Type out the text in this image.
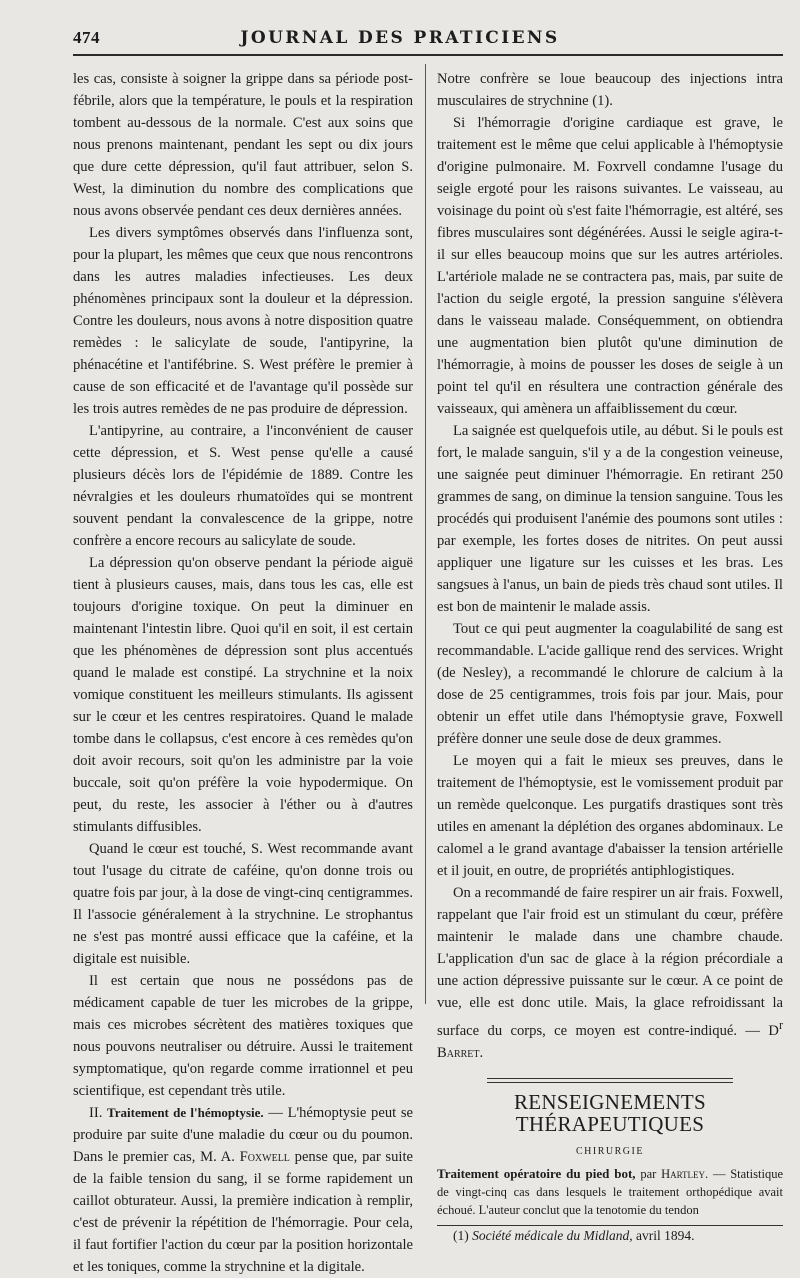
474	JOURNAL DES PRATICIENS

les cas, consiste à soigner la grippe dans sa période post-fébrile, alors que la température, le pouls et la respiration tombent au-dessous de la normale. C'est aux soins que nous prenons maintenant, pendant les sept ou dix jours que dure cette dépression, qu'il faut attribuer, selon S. West, la diminution du nombre des complications que nous avons observée pendant ces deux dernières années.

Les divers symptômes observés dans l'influenza sont, pour la plupart, les mêmes que ceux que nous rencontrons dans les autres maladies infectieuses. Les deux phénomènes principaux sont la douleur et la dépression. Contre les douleurs, nous avons à notre disposition quatre remèdes : le salicylate de soude, l'antipyrine, la phénacétine et l'antifébrine. S. West préfère le premier à cause de son efficacité et de l'avantage qu'il possède sur les trois autres remèdes de ne pas produire de dépression.

L'antipyrine, au contraire, a l'inconvénient de causer cette dépression, et S. West pense qu'elle a causé plusieurs décès lors de l'épidémie de 1889. Contre les névralgies et les douleurs rhumatoïdes qui se montrent souvent pendant la convalescence de la grippe, notre confrère a encore recours au salicylate de soude.

La dépression qu'on observe pendant la période aiguë tient à plusieurs causes, mais, dans tous les cas, elle est toujours d'origine toxique. On peut la diminuer en maintenant l'intestin libre. Quoi qu'il en soit, il est certain que les phénomènes de dépression sont plus accentués quand le malade est constipé. La strychnine et la noix vomique constituent les meilleurs stimulants. Ils agissent sur le cœur et les centres respiratoires. Quand le malade tombe dans le collapsus, c'est encore à ces remèdes qu'on doit avoir recours, soit qu'on les administre par la voie buccale, soit qu'on préfère la voie hypodermique. On peut, du reste, les associer à l'éther ou à d'autres stimulants diffusibles.

Quand le cœur est touché, S. West recommande avant tout l'usage du citrate de caféine, qu'on donne trois ou quatre fois par jour, à la dose de vingt-cinq centigrammes. Il l'associe généralement à la strychnine. Le strophantus ne s'est pas montré aussi efficace que la caféine, et la digitale est nuisible.

Il est certain que nous ne possédons pas de médicament capable de tuer les microbes de la grippe, mais ces microbes sécrètent des matières toxiques que nous pouvons neutraliser ou détruire. Aussi le traitement symptomatique, qu'on regarde comme irrationnel et peu scientifique, est cependant très utile.

II. Traitement de l'hémoptysie. — L'hémoptysie peut se produire par suite d'une maladie du cœur ou du poumon. Dans le premier cas, M. A. Foxwell pense que, par suite de la faible tension du sang, il se forme rapidement un caillot obturateur. Aussi, la première indication à remplir, c'est de prévenir la répétition de l'hémorragie. Pour cela, il faut fortifier l'action du cœur par la position horizontale et les toniques, comme la strychnine et la digitale.

Notre confrère se loue beaucoup des injections intra musculaires de strychnine (1).

Si l'hémorragie d'origine cardiaque est grave, le traitement est le même que celui applicable à l'hémoptysie d'origine pulmonaire. M. Foxrvell condamne l'usage du seigle ergoté pour les raisons suivantes. Le vaisseau, au voisinage du point où s'est faite l'hémorragie, est altéré, ses fibres musculaires sont dégénérées. Aussi le seigle agira-t-il sur elles beaucoup moins que sur les autres artérioles. L'artériole malade ne se contractera pas, mais, par suite de l'action du seigle ergoté, la pression sanguine s'élèvera dans le vaisseau malade. Conséquemment, on obtiendra une augmentation bien plutôt qu'une diminution de l'hémorragie, à moins de pousser les doses de seigle à un point tel qu'il en résultera une contraction générale des vaisseaux, qui amènera un affaiblissement du cœur.

La saignée est quelquefois utile, au début. Si le pouls est fort, le malade sanguin, s'il y a de la congestion veineuse, une saignée peut diminuer l'hémorragie. En retirant 250 grammes de sang, on diminue la tension sanguine. Tous les procédés qui produisent l'anémie des poumons sont utiles : par exemple, les fortes doses de nitrites. On peut aussi appliquer une ligature sur les cuisses et les bras. Les sangsues à l'anus, un bain de pieds très chaud sont utiles. Il est bon de maintenir le malade assis.

Tout ce qui peut augmenter la coagulabilité de sang est recommandable. L'acide gallique rend des services. Wright (de Nesley), a recommandé le chlorure de calcium à la dose de 25 centigrammes, trois fois par jour. Mais, pour obtenir un effet utile dans l'hémoptysie grave, Foxwell préfère donner une seule dose de deux grammes.

Le moyen qui a fait le mieux ses preuves, dans le traitement de l'hémoptysie, est le vomissement produit par un remède quelconque. Les purgatifs drastiques sont très utiles en amenant la déplétion des organes abdominaux. Le calomel a le grand avantage d'abaisser la tension artérielle et il jouit, en outre, de propriétés antiphlogistiques.

On a recommandé de faire respirer un air frais. Foxwell, rappelant que l'air froid est un stimulant du cœur, préfère maintenir le malade dans une chambre chaude. L'application d'un sac de glace à la région précordiale a une action dépressive puissante sur le cœur. A ce point de vue, elle est donc utile. Mais, la glace refroidissant la surface du corps, ce moyen est contre-indiqué. — $D^r$ Barret.

RENSEIGNEMENTS THÉRAPEUTIQUES
CHIRURGIE

Traitement opératoire du pied bot, par Hartley. — Statistique de vingt-cinq cas dans lesquels le traitement orthopédique avait échoué. L'auteur conclut que la tenotomie du tendon

(1) Société médicale du Midland, avril 1894.
